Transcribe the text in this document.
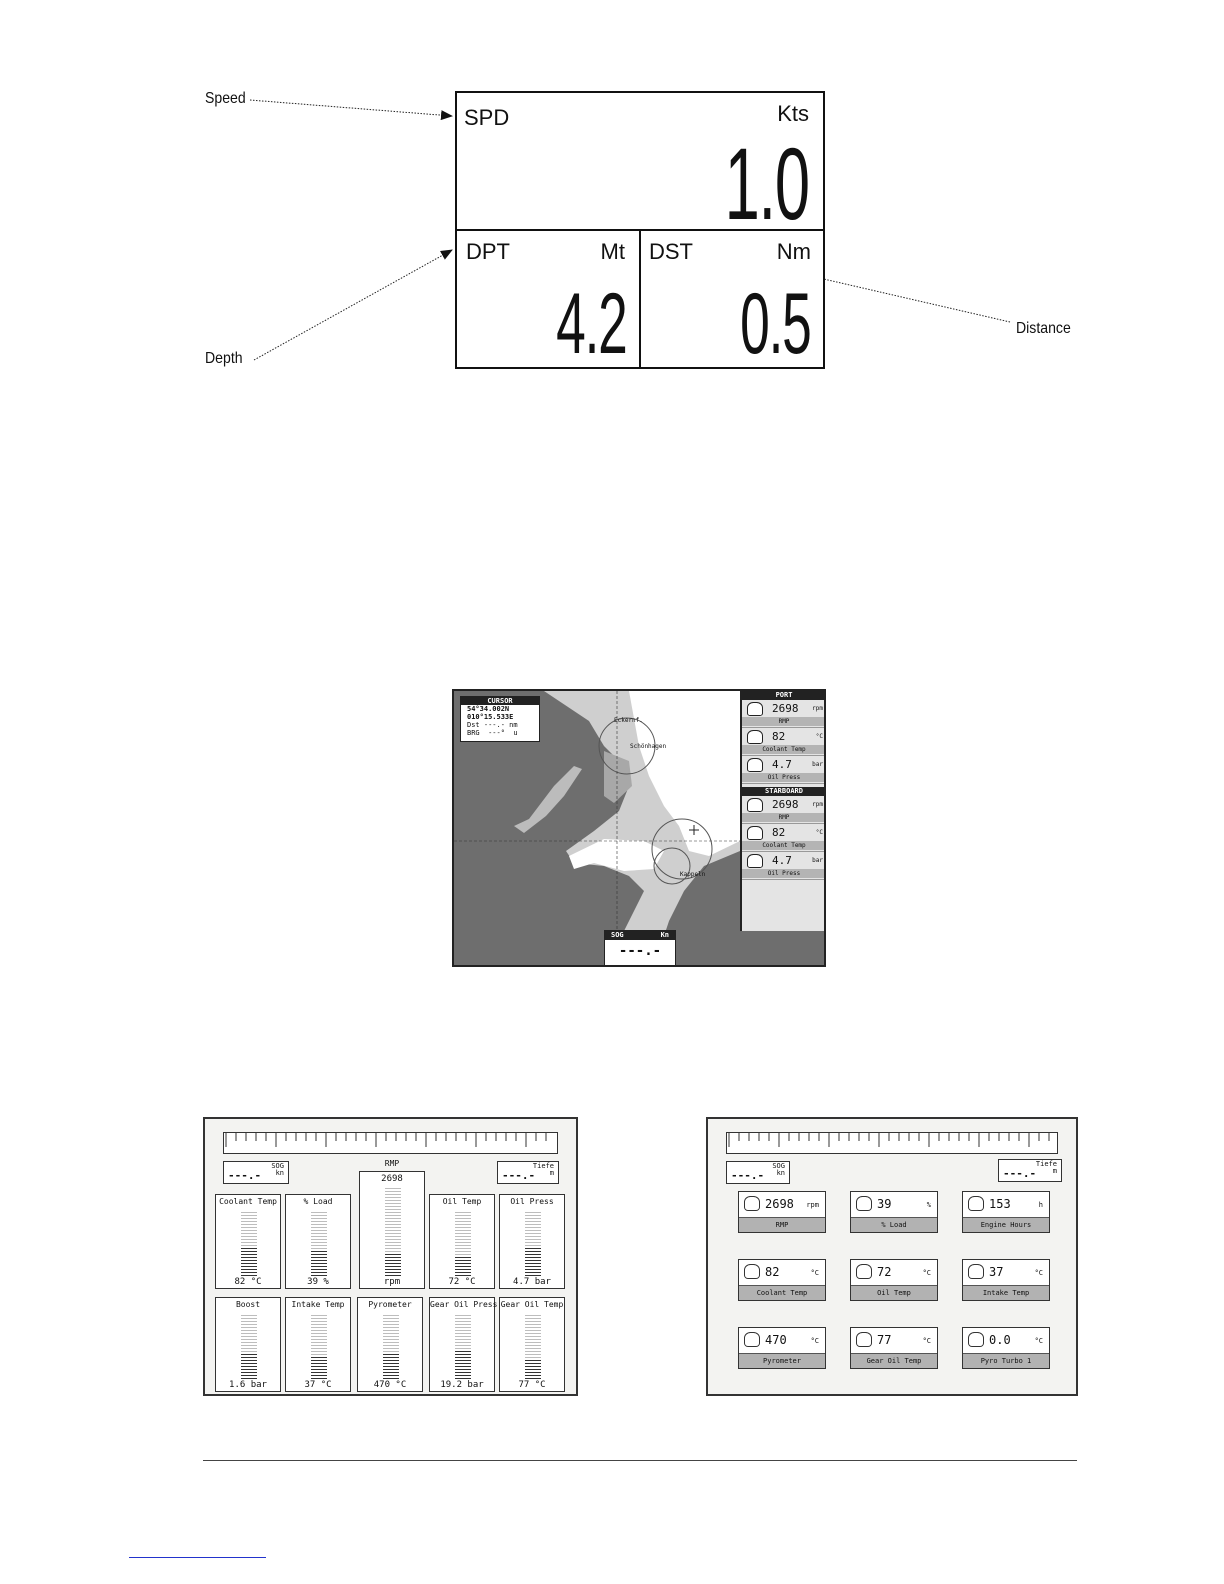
Speed
Depth
Distance
SPD	Kts
1.0
DPT	Mt
4.2
DST	Nm
0.5
Eckernf.
Schönhagen
Kappeln
CURSOR
54°34.002N
010°15.533E
Dst ---.- nm
BRG  ---°  u
PORT
2698 rpm
RMP
82	°C
Coolant Temp
4.7	bar
Oil Press
STARBOARD
2698 rpm
RMP
82	°C
Coolant Temp
4.7	bar
Oil Press
SOG	Kn
---.-
SOG
kn
---.-
Tiefe
m
---.-
RMP
2698
rpm
Coolant Temp
82 °C
% Load
39 %
Oil Temp
72 °C
Oil Press
4.7 bar
Boost
1.6 bar
Intake Temp
37 °C
Pyrometer
470 °C
Gear Oil Press
19.2 bar
Gear Oil Temp
77 °C
SOG
kn
---.-
Tiefe
m
---.-
2698 rpm
RMP
39	%
% Load
153	h
Engine Hours
82	°C
Coolant Temp
72	°C
Oil Temp
37	°C
Intake Temp
470	°C
Pyrometer
77	°C
Gear Oil Temp
0.0	°C
Pyro Turbo 1
